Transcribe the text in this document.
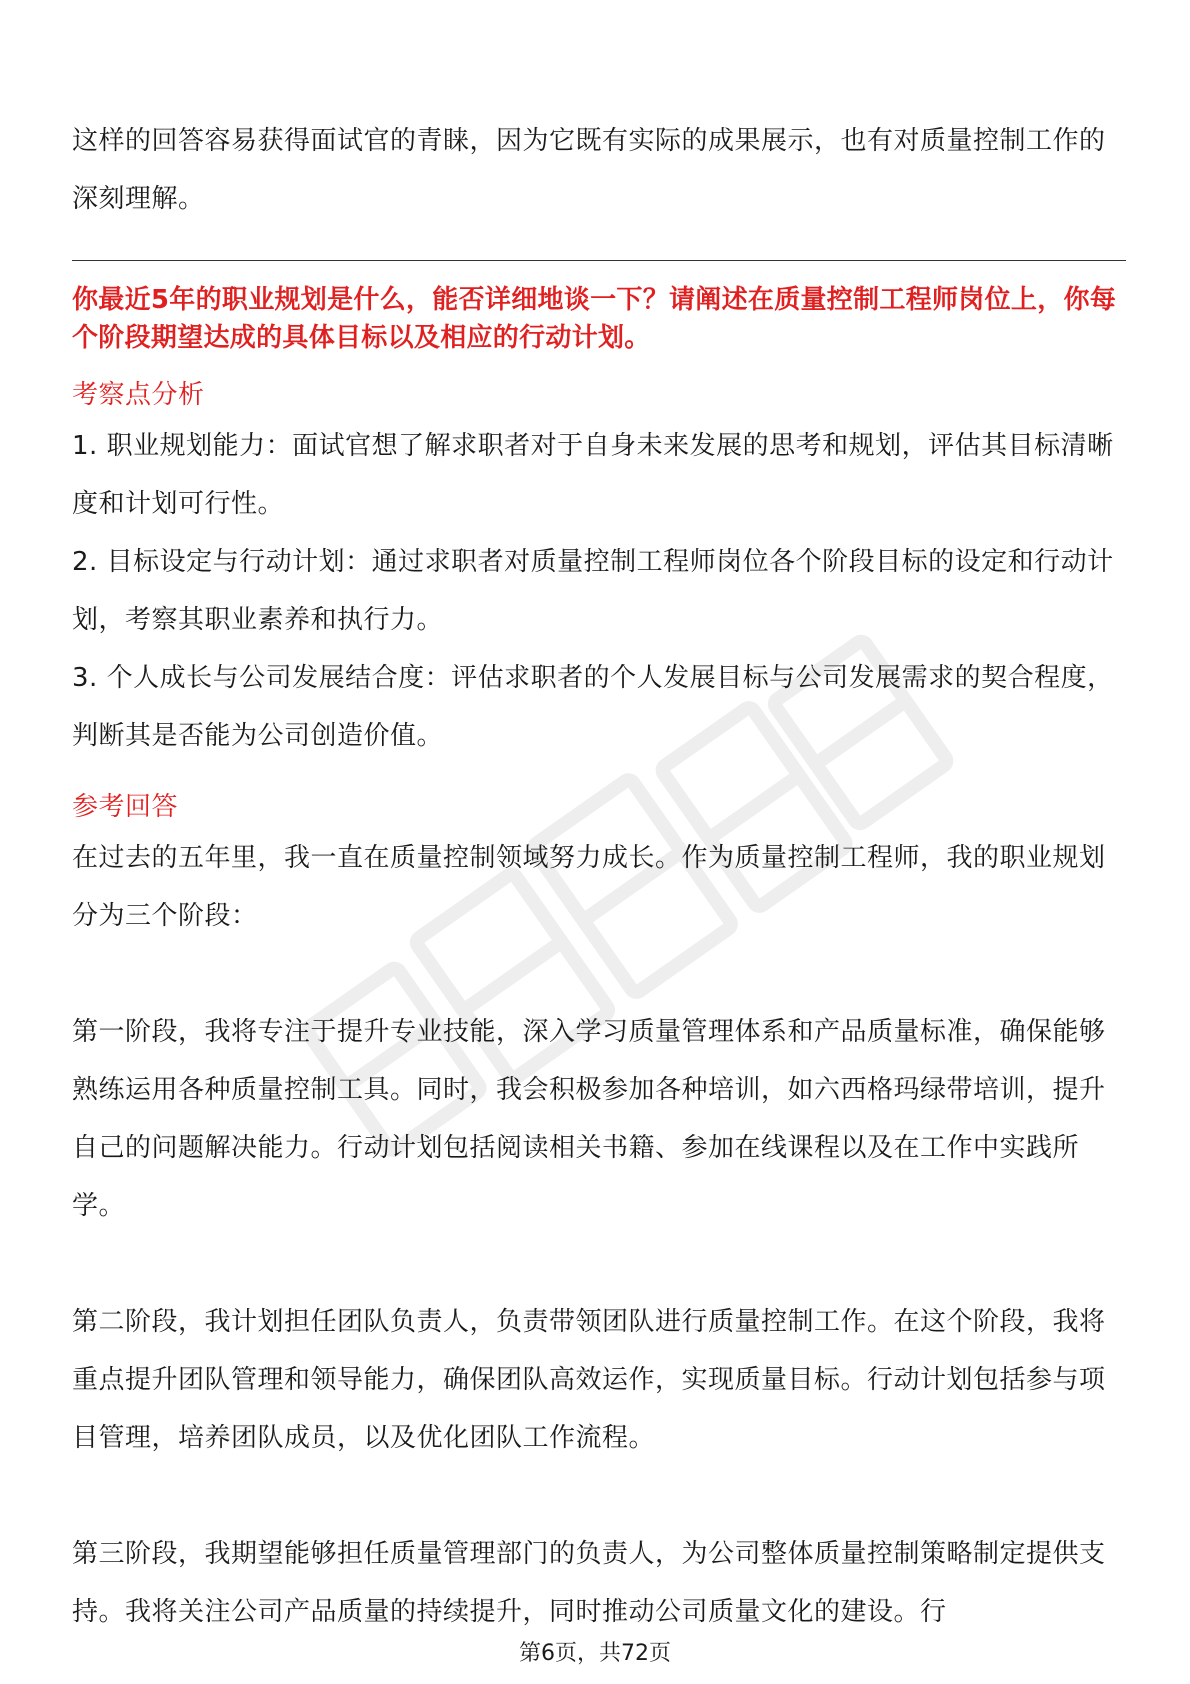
这样的回答容易获得面试官的青睐，因为它既有实际的成果展示，也有对质量控制工作的深刻理解。

你最近5年的职业规划是什么，能否详细地谈一下？请阐述在质量控制工程师岗位上，你每个阶段期望达成的具体目标以及相应的行动计划。

考察点分析

1. 职业规划能力：面试官想了解求职者对于自身未来发展的思考和规划，评估其目标清晰度和计划可行性。

2. 目标设定与行动计划：通过求职者对质量控制工程师岗位各个阶段目标的设定和行动计划，考察其职业素养和执行力。

3. 个人成长与公司发展结合度：评估求职者的个人发展目标与公司发展需求的契合程度，判断其是否能为公司创造价值。

参考回答

在过去的五年里，我一直在质量控制领域努力成长。作为质量控制工程师，我的职业规划分为三个阶段：

第一阶段，我将专注于提升专业技能，深入学习质量管理体系和产品质量标准，确保能够熟练运用各种质量控制工具。同时，我会积极参加各种培训，如六西格玛绿带培训，提升自己的问题解决能力。行动计划包括阅读相关书籍、参加在线课程以及在工作中实践所学。

第二阶段，我计划担任团队负责人，负责带领团队进行质量控制工作。在这个阶段，我将重点提升团队管理和领导能力，确保团队高效运作，实现质量目标。行动计划包括参与项目管理，培养团队成员，以及优化团队工作流程。

第三阶段，我期望能够担任质量管理部门的负责人，为公司整体质量控制策略制定提供支持。我将关注公司产品质量的持续提升，同时推动公司质量文化的建设。行

第6页，共72页
